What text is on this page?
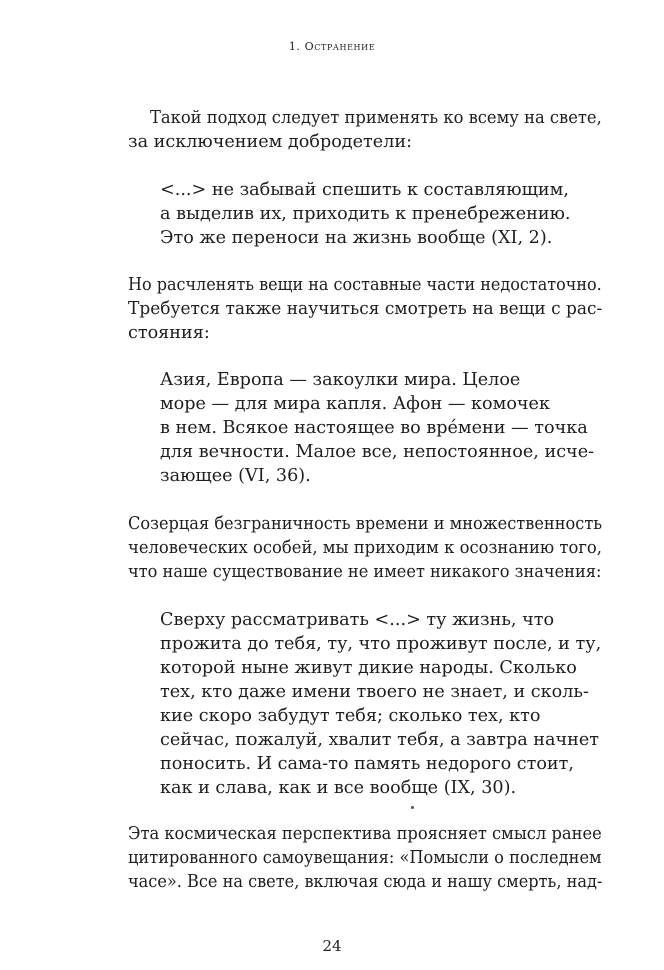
1. Остранение
Такой подход следует применять ко всему на свете,
за исключением добродетели:
<...> не забывай спешить к составляющим,
а выделив их, приходить к пренебрежению.
Это же переноси на жизнь вообще (XI, 2).
Но расчленять вещи на составные части недостаточно.
Требуется также научиться смотреть на вещи с рас-
стояния:
Азия, Европа — закоулки мира. Целое
море — для мира капля. Афон — комочек
в нем. Всякое настоящее во вре́мени — точка
для вечности. Малое все, непостоянное, исче-
зающее (VI, 36).
Созерцая безграничность времени и множественность
человеческих особей, мы приходим к осознанию того,
что наше существование не имеет никакого значения:
Сверху рассматривать <...> ту жизнь, что
прожита до тебя, ту, что проживут после, и ту,
которой ныне живут дикие народы. Сколько
тех, кто даже имени твоего не знает, и сколь-
кие скоро забудут тебя; сколько тех, кто
сейчас, пожалуй, хвалит тебя, а завтра начнет
поносить. И сама-то память недорого стоит,
как и слава, как и все вообще (IX, 30).
Эта космическая перспектива проясняет смысл ранее
цитированного самоувещания: «Помысли о последнем
часе». Все на свете, включая сюда и нашу смерть, над-
24
